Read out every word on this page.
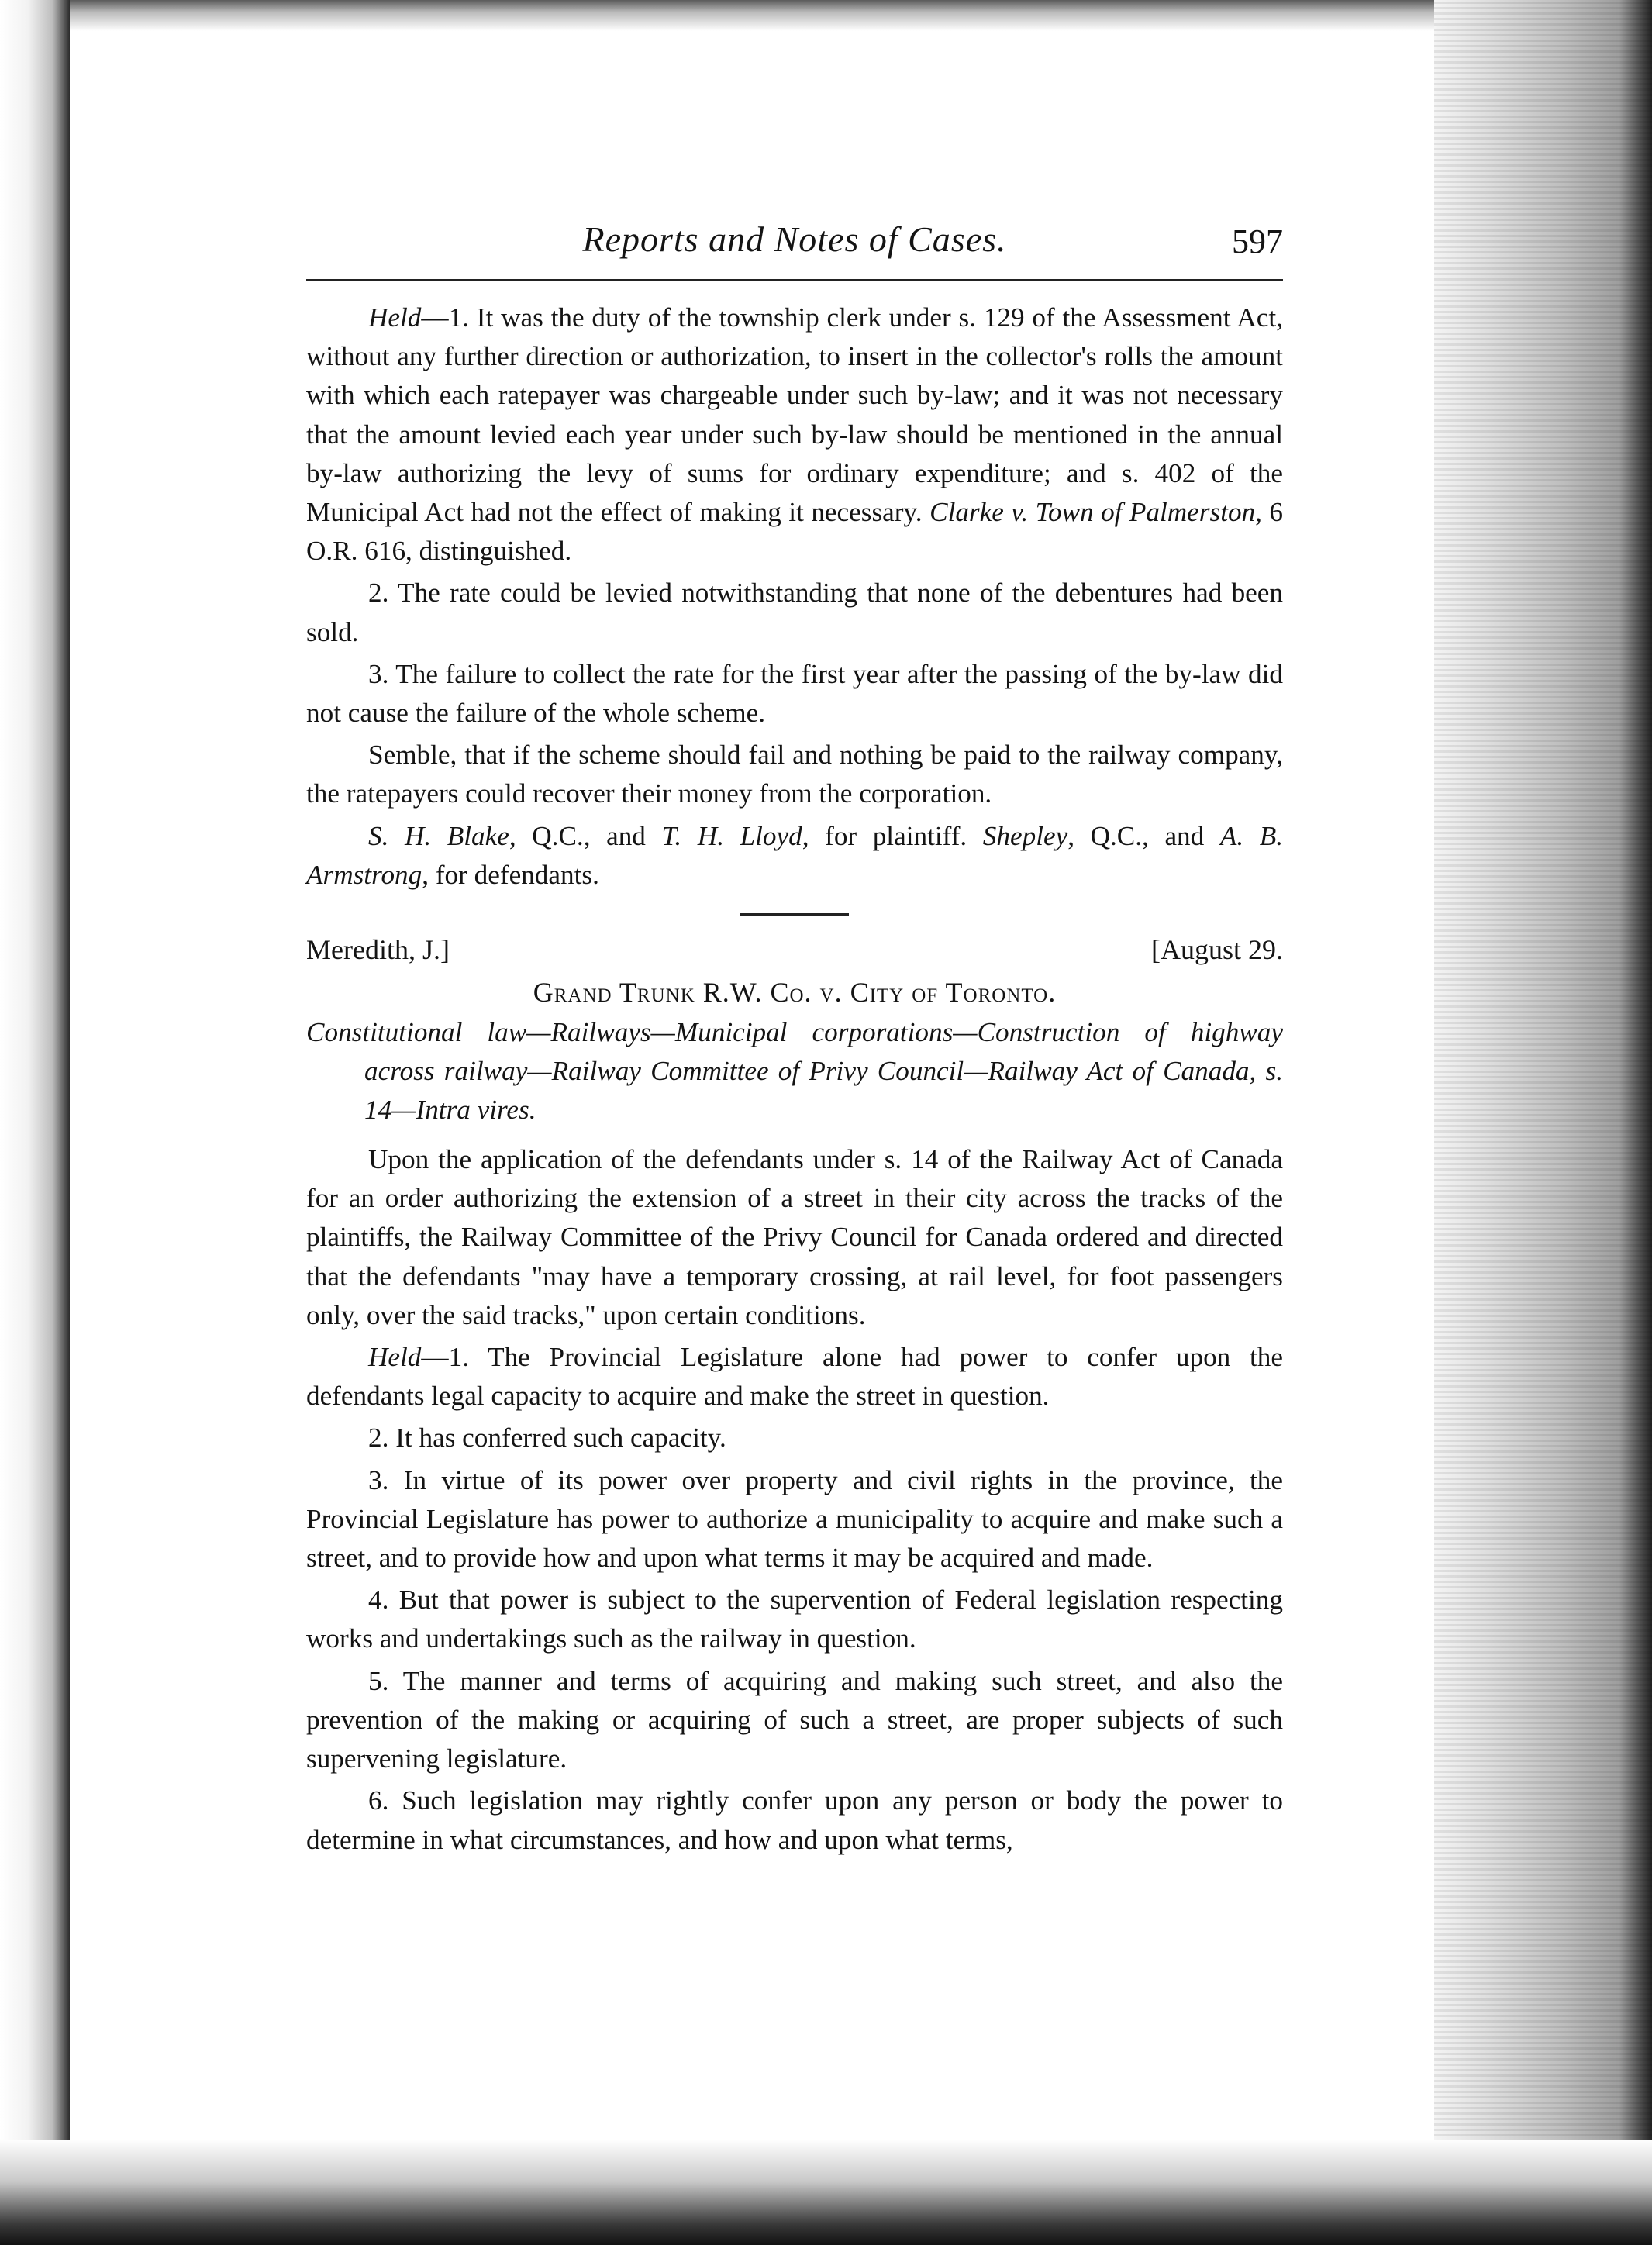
Reports and Notes of Cases.	597

Held—1. It was the duty of the township clerk under s. 129 of the Assessment Act, without any further direction or authorization, to insert in the collector's rolls the amount with which each ratepayer was chargeable under such by-law; and it was not necessary that the amount levied each year under such by-law should be mentioned in the annual by-law authorizing the levy of sums for ordinary expenditure; and s. 402 of the Municipal Act had not the effect of making it necessary. Clarke v. Town of Palmerston, 6 O.R. 616, distinguished.

2. The rate could be levied notwithstanding that none of the debentures had been sold.

3. The failure to collect the rate for the first year after the passing of the by-law did not cause the failure of the whole scheme.

Semble, that if the scheme should fail and nothing be paid to the railway company, the ratepayers could recover their money from the corporation.

S. H. Blake, Q.C., and T. H. Lloyd, for plaintiff. Shepley, Q.C., and A. B. Armstrong, for defendants.

Meredith, J.]	[August 29.
Grand Trunk R.W. Co. v. City of Toronto.

Constitutional law—Railways—Municipal corporations—Construction of highway across railway—Railway Committee of Privy Council—Railway Act of Canada, s. 14—Intra vires.

Upon the application of the defendants under s. 14 of the Railway Act of Canada for an order authorizing the extension of a street in their city across the tracks of the plaintiffs, the Railway Committee of the Privy Council for Canada ordered and directed that the defendants "may have a temporary crossing, at rail level, for foot passengers only, over the said tracks," upon certain conditions.

Held—1. The Provincial Legislature alone had power to confer upon the defendants legal capacity to acquire and make the street in question.

2. It has conferred such capacity.

3. In virtue of its power over property and civil rights in the province, the Provincial Legislature has power to authorize a municipality to acquire and make such a street, and to provide how and upon what terms it may be acquired and made.

4. But that power is subject to the supervention of Federal legislation respecting works and undertakings such as the railway in question.

5. The manner and terms of acquiring and making such street, and also the prevention of the making or acquiring of such a street, are proper subjects of such supervening legislature.

6. Such legislation may rightly confer upon any person or body the power to determine in what circumstances, and how and upon what terms,
